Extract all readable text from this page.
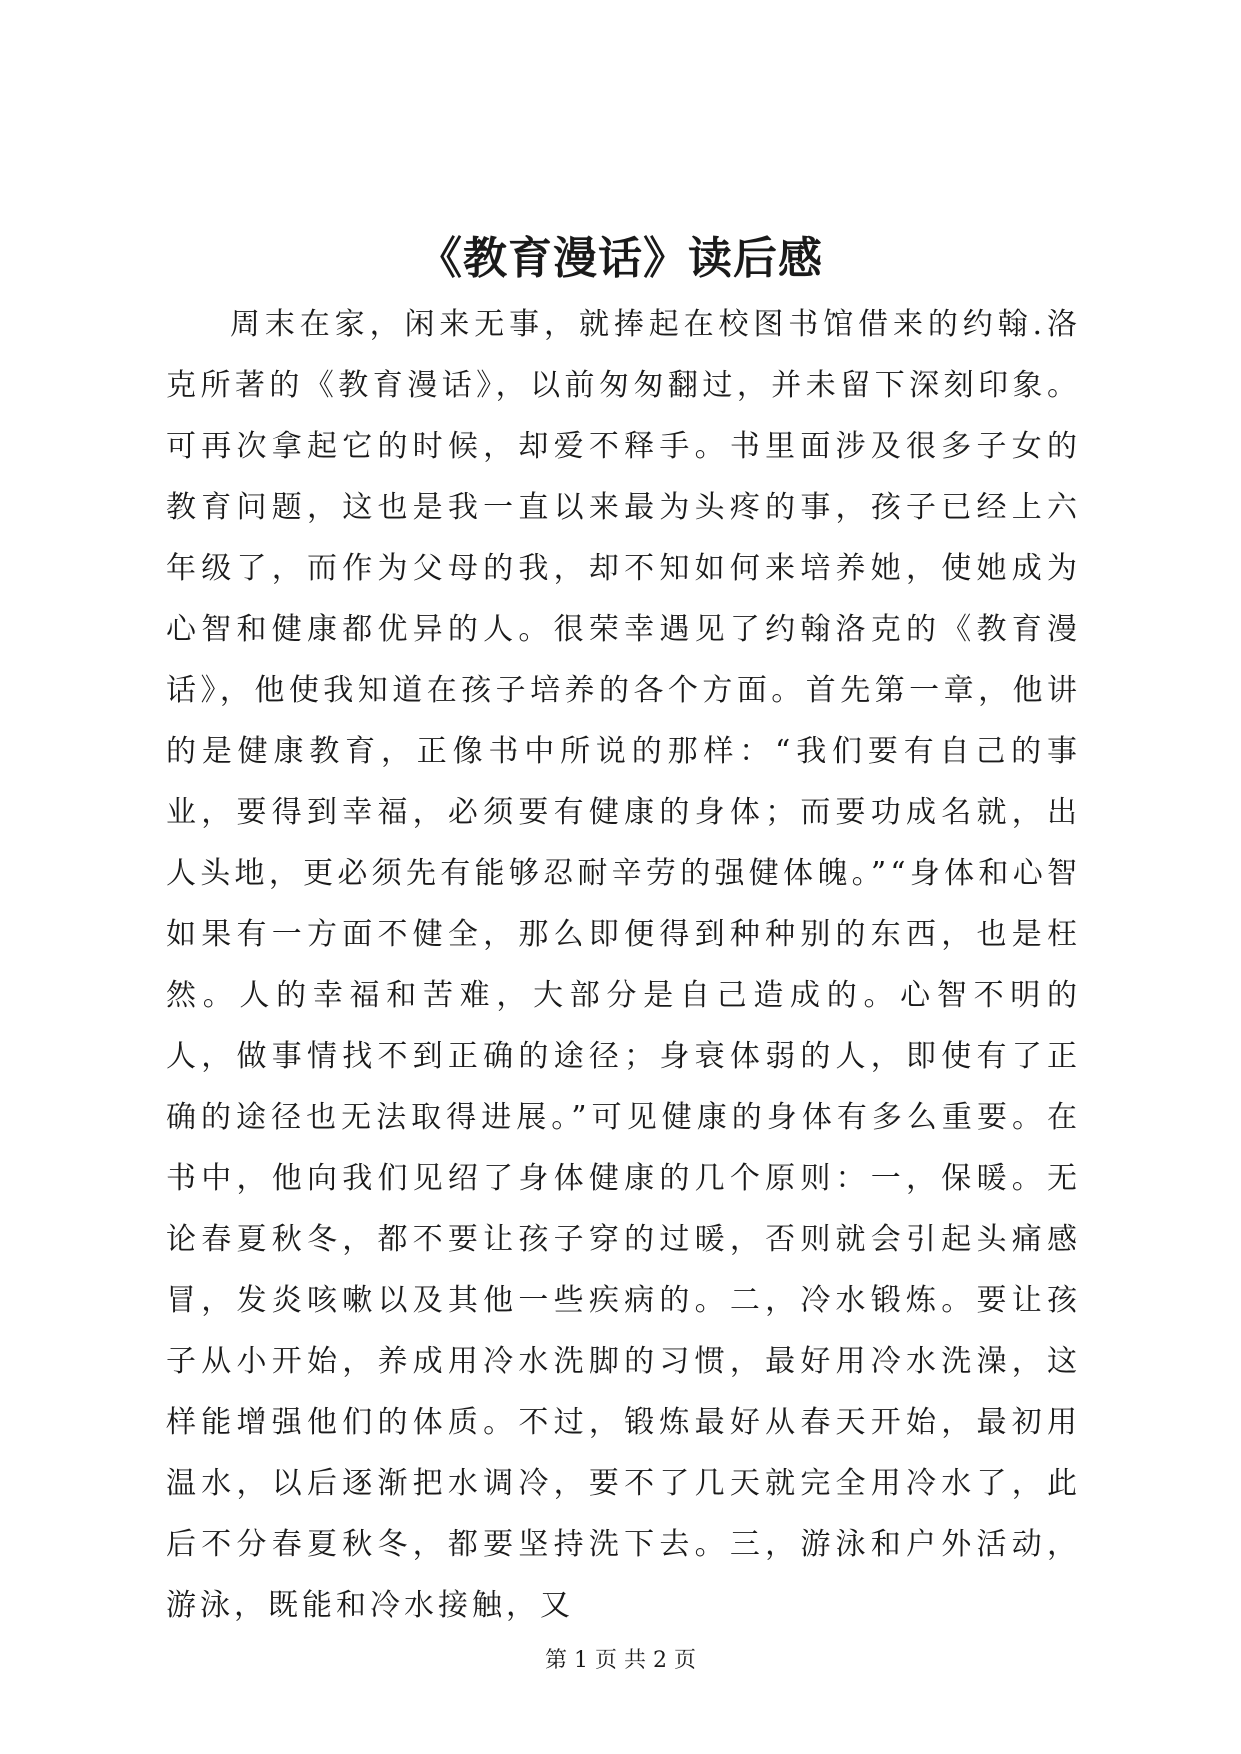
《教育漫话》读后感

周末在家，闲来无事，就捧起在校图书馆借来的约翰.洛克所著的《教育漫话》，以前匆匆翻过，并未留下深刻印象。可再次拿起它的时候，却爱不释手。书里面涉及很多子女的教育问题，这也是我一直以来最为头疼的事，孩子已经上六年级了，而作为父母的我，却不知如何来培养她，使她成为心智和健康都优异的人。很荣幸遇见了约翰洛克的《教育漫话》，他使我知道在孩子培养的各个方面。首先第一章，他讲的是健康教育，正像书中所说的那样：“我们要有自己的事业，要得到幸福，必须要有健康的身体；而要功成名就，出人头地，更必须先有能够忍耐辛劳的强健体魄。”“身体和心智如果有一方面不健全，那么即便得到种种别的东西，也是枉然。人的幸福和苦难，大部分是自己造成的。心智不明的人，做事情找不到正确的途径；身衰体弱的人，即使有了正确的途径也无法取得进展。”可见健康的身体有多么重要。在书中，他向我们见绍了身体健康的几个原则：一，保暖。无论春夏秋冬，都不要让孩子穿的过暖，否则就会引起头痛感冒，发炎咳嗽以及其他一些疾病的。二，冷水锻炼。要让孩子从小开始，养成用冷水洗脚的习惯，最好用冷水洗澡，这样能增强他们的体质。不过，锻炼最好从春天开始，最初用温水，以后逐渐把水调冷，要不了几天就完全用冷水了，此后不分春夏秋冬，都要坚持洗下去。三，游泳和户外活动，游泳，既能和冷水接触，又

第 1 页 共 2 页
